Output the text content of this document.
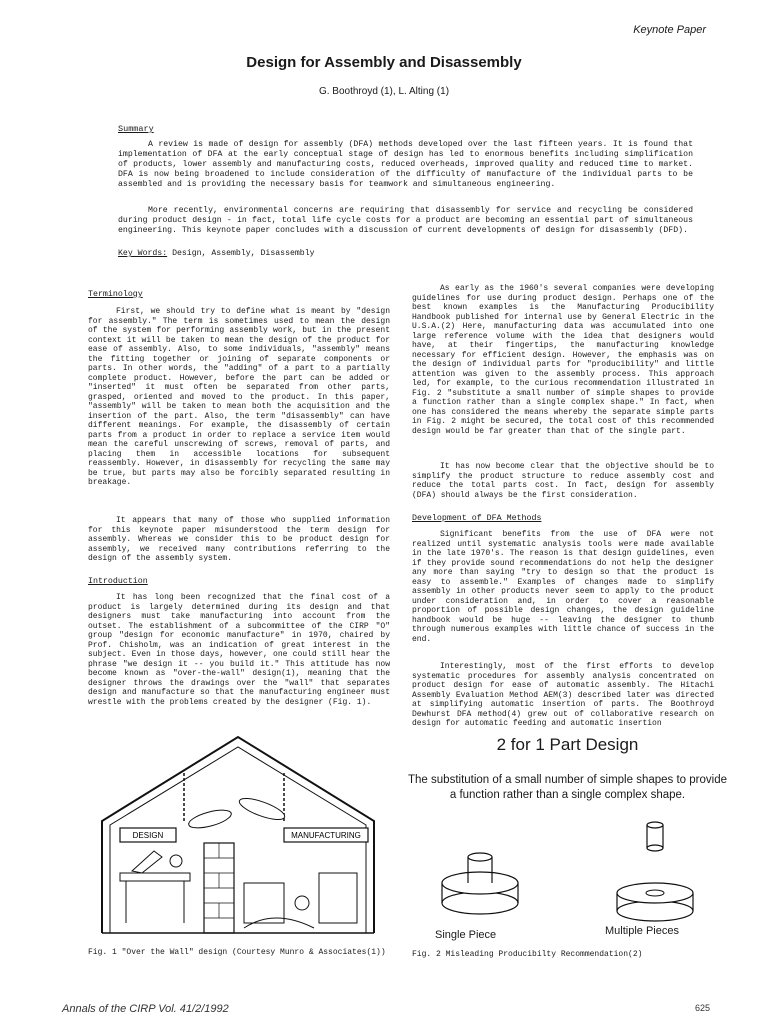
Keynote Paper
Design for Assembly and Disassembly
G. Boothroyd (1), L. Alting (1)
Summary

A review is made of design for assembly (DFA) methods developed over the last fifteen years. It is found that implementation of DFA at the early conceptual stage of design has led to enormous benefits including simplification of products, lower assembly and manufacturing costs, reduced overheads, improved quality and reduced time to market. DFA is now being broadened to include consideration of the difficulty of manufacture of the individual parts to be assembled and is providing the necessary basis for teamwork and simultaneous engineering.

More recently, environmental concerns are requiring that disassembly for service and recycling be considered during product design - in fact, total life cycle costs for a product are becoming an essential part of simultaneous engineering. This keynote paper concludes with a discussion of current developments of design for disassembly (DFD).

Key Words: Design, Assembly, Disassembly
Terminology

First, we should try to define what is meant by "design for assembly." The term is sometimes used to mean the design of the system for performing assembly work, but in the present context it will be taken to mean the design of the product for ease of assembly. Also, to some individuals, "assembly" means the fitting together or joining of separate components or parts. In other words, the "adding" of a part to a partially complete product. However, before the part can be added or "inserted" it must often be separated from other parts, grasped, oriented and moved to the product. In this paper, "assembly" will be taken to mean both the acquisition and the insertion of the part. Also, the term "disassembly" can have different meanings. For example, the disassembly of certain parts from a product in order to replace a service item would mean the careful unscrewing of screws, removal of parts, and placing them in accessible locations for subsequent reassembly. However, in disassembly for recycling the same may be true, but parts may also be forcibly separated resulting in breakage.

It appears that many of those who supplied information for this keynote paper misunderstood the term design for assembly. Whereas we consider this to be product design for assembly, we received many contributions referring to the design of the assembly system.

Introduction

It has long been recognized that the final cost of a product is largely determined during its design and that designers must take manufacturing into account from the outset. The establishment of a subcommittee of the CIRP "O" group "design for economic manufacture" in 1970, chaired by Prof. Chisholm, was an indication of great interest in the subject. Even in those days, however, one could still hear the phrase "we design it -- you build it." This attitude has now become known as "over-the-wall" design(1), meaning that the designer throws the drawings over the "wall" that separates design and manufacture so that the manufacturing engineer must wrestle with the problems created by the designer (Fig. 1).

As early as the 1960's several companies were developing guidelines for use during product design. Perhaps one of the best known examples is the Manufacturing Producibility Handbook published for internal use by General Electric in the U.S.A.(2) Here, manufacturing data was accumulated into one large reference volume with the idea that designers would have, at their fingertips, the manufacturing knowledge necessary for efficient design. However, the emphasis was on the design of individual parts for "producibility" and little attention was given to the assembly process. This approach led, for example, to the curious recommendation illustrated in Fig. 2 "substitute a small number of simple shapes to provide a function rather than a single complex shape." In fact, when one has considered the means whereby the separate simple parts in Fig. 2 might be secured, the total cost of this recommended design would be far greater than that of the single part.

It has now become clear that the objective should be to simplify the product structure to reduce assembly cost and reduce the total parts cost. In fact, design for assembly (DFA) should always be the first consideration.

Development of DFA Methods

Significant benefits from the use of DFA were not realized until systematic analysis tools were made available in the late 1970's. The reason is that design guidelines, even if they provide sound recommendations do not help the designer any more than saying "try to design so that the product is easy to assemble." Examples of changes made to simplify assembly in other products never seem to apply to the product under consideration and, in order to cover a reasonable proportion of possible design changes, the design guideline handbook would be huge -- leaving the designer to thumb through numerous examples with little chance of success in the end.

Interestingly, most of the first efforts to develop systematic procedures for assembly analysis concentrated on product design for ease of automatic assembly. The Hitachi Assembly Evaluation Method AEM(3) described later was directed at simplifying automatic insertion of parts. The Boothroyd Dewhurst DFA method(4) grew out of collaborative research on design for automatic feeding and automatic insertion

DESIGN	MANUFACTURING
Fig. 1 "Over the Wall" design (Courtesy Munro & Associates(1))
2 for 1 Part Design
The substitution of a small number of simple shapes to provide a function rather than a single complex shape.
Single Piece	Multiple Pieces
Fig. 2 Misleading Producibilty Recommendation(2)
Annals of the CIRP Vol. 41/2/1992	625
